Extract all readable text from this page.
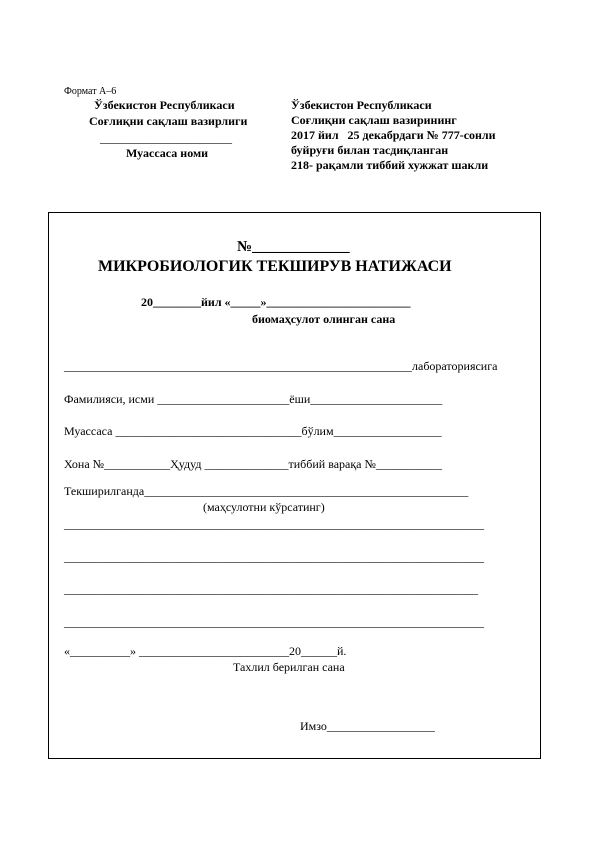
Формат А–6
Ўзбекистон Республикаси
Соғлиқни сақлаш вазирлиги
______________________
Муассаса номи
Ўзбекистон Республикаси
Соғлиқни сақлаш вазирининг
2017 йил   25 декабрдаги № 777-сонли
буйруғи билан тасдиқланган
218- рақамли тиббий хужжат шакли
№_____________
МИКРОБИОЛОГИК ТЕКШИРУВ НАТИЖАСИ
20________йил «_____»________________________
биомаҳсулот олинган сана
__________________________________________________________лабораториясига
Фамилияси, исми ______________________ёши______________________
Муассаса _______________________________бўлим__________________
Хона №___________Ҳудуд ______________тиббий варақа №___________
Текширилганда______________________________________________________
(маҳсулотни кўрсатинг)
______________________________________________________________________
______________________________________________________________________
_____________________________________________________________________
______________________________________________________________________
«__________» _________________________20______й.
Тахлил берилган сана
Имзо__________________
